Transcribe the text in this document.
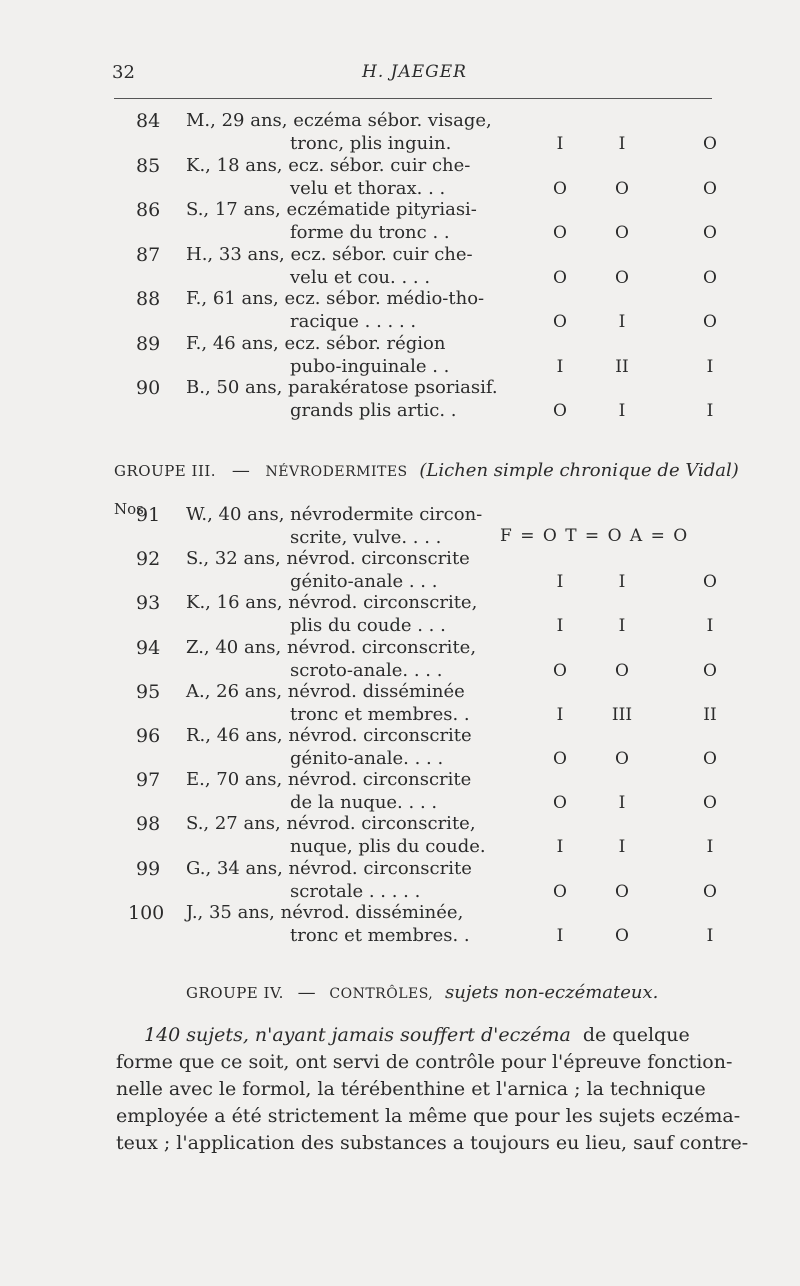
32	H. JAEGER
84 M., 29 ans, eczéma sébor. visage,
tronc, plis inguin.	I	I	O
85 K., 18 ans, ecz. sébor. cuir che-
velu et thorax. . .	O	O	O
86 S., 17 ans, eczématide pityriasi-
forme du tronc . .	O	O	O
87 H., 33 ans, ecz. sébor. cuir che-
velu et cou. . . .	O	O	O
88 F., 61 ans, ecz. sébor. médio-tho-
racique . . . . .	O	I	O
89 F., 46 ans, ecz. sébor. région
pubo-inguinale . .	I	II	I
90 B., 50 ans, parakératose psoriasif.
grands plis artic. .	O	I	I
GROUPE III. — NÉVRODERMITES (Lichen simple chronique de Vidal)
Nos
F = O T = O A = O
91 W., 40 ans, névrodermite circon-
scrite, vulve. . . .
92 S., 32 ans, névrod. circonscrite
génito-anale . . .	I	I	O
93 K., 16 ans, névrod. circonscrite,
plis du coude . . .	I	I	I
94 Z., 40 ans, névrod. circonscrite,
scroto-anale. . . .	O	O	O
95 A., 26 ans, névrod. disséminée
tronc et membres. .	I	III	II
96 R., 46 ans, névrod. circonscrite
génito-anale. . . .	O	O	O
97 E., 70 ans, névrod. circonscrite
de la nuque. . . .	O	I	O
98 S., 27 ans, névrod. circonscrite,
nuque, plis du coude.	I	I	I
99 G., 34 ans, névrod. circonscrite
scrotale . . . . .	O	O	O
100 J., 35 ans, névrod. disséminée,
tronc et membres. .	I	O	I
GROUPE IV. — CONTRÔLES, sujets non-eczémateux.
140 sujets, n'ayant jamais souffert d'eczéma de quelque
forme que ce soit, ont servi de contrôle pour l'épreuve fonction-
nelle avec le formol, la térébenthine et l'arnica ; la technique
employée a été strictement la même que pour les sujets eczéma-
teux ; l'application des substances a toujours eu lieu, sauf contre-
